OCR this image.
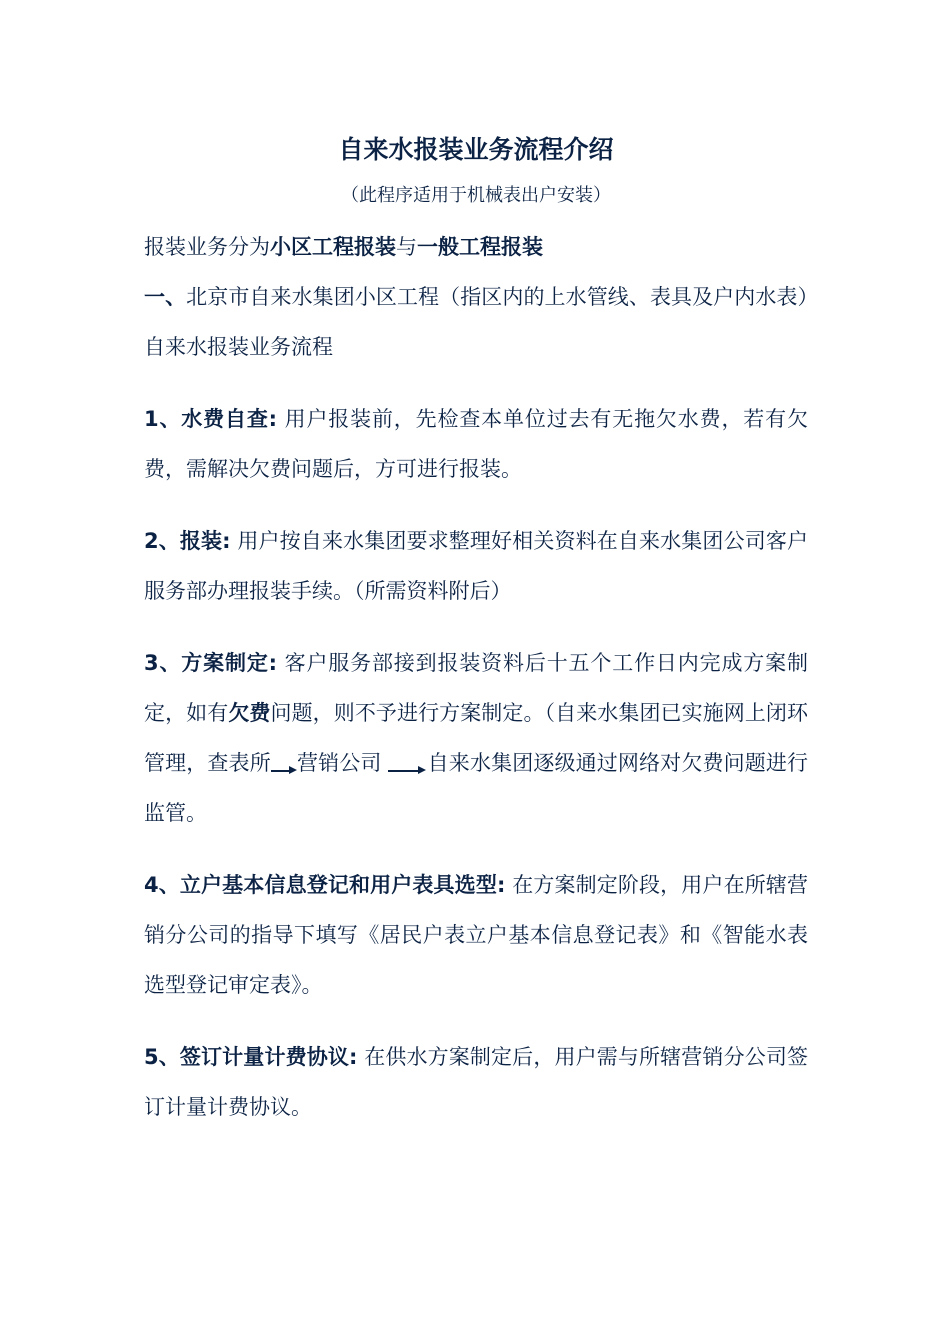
自来水报装业务流程介绍
（此程序适用于机械表出户安装）

报装业务分为小区工程报装与一般工程报装

一、北京市自来水集团小区工程（指区内的上水管线、表具及户内水表）自来水报装业务流程

1、水费自查: 用户报装前，先检查本单位过去有无拖欠水费，若有欠费，需解决欠费问题后，方可进行报装。

2、报装: 用户按自来水集团要求整理好相关资料在自来水集团公司客户服务部办理报装手续。（所需资料附后）

3、方案制定: 客户服务部接到报装资料后十五个工作日内完成方案制定，如有欠费问题，则不予进行方案制定。（自来水集团已实施网上闭环管理，查表所 营销公司 自来水集团逐级通过网络对欠费问题进行监管。

4、立户基本信息登记和用户表具选型: 在方案制定阶段，用户在所辖营销分公司的指导下填写《居民户表立户基本信息登记表》和《智能水表选型登记审定表》。

5、签订计量计费协议: 在供水方案制定后，用户需与所辖营销分公司签订计量计费协议。
